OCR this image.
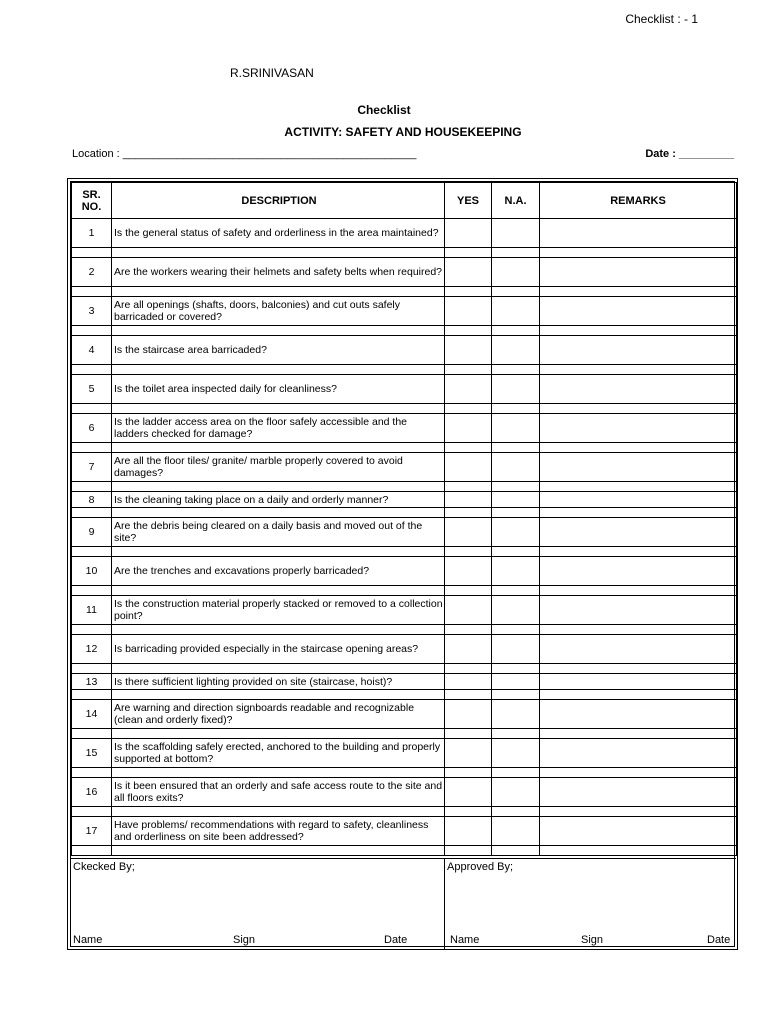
Checklist : - 1
R.SRINIVASAN
Checklist
ACTIVITY: SAFETY AND HOUSEKEEPING
Location : ________________________________________________	Date : _________
SR. NO.	DESCRIPTION	YES	N.A.	REMARKS
1	Is the general status of safety and orderliness in the area maintained?			

2	Are the workers wearing their helmets and safety belts when required?			

3	Are all openings (shafts, doors, balconies) and cut outs safely barricaded or covered?			

4	Is the staircase area barricaded?			

5	Is the toilet area inspected daily for cleanliness?			

6	Is the ladder access area on the floor safely accessible and the ladders checked for damage?			

7	Are all the floor tiles/ granite/ marble properly covered to avoid damages?			

8	Is the cleaning taking place on a daily and orderly manner?			

9	Are the debris being cleared on a daily basis and moved out of the site?			

10	Are the trenches and excavations properly barricaded?			

11	Is the construction material properly stacked or removed to a collection point?			

12	Is barricading provided especially in the staircase opening areas?			

13	Is there sufficient lighting provided on site (staircase, hoist)?			

14	Are warning and direction signboards readable and recognizable (clean and orderly fixed)?			

15	Is the scaffolding safely erected, anchored to the building and properly supported at bottom?			

16	Is it been ensured that an orderly and safe access route to the site and all floors exits?			

17	Have problems/ recommendations with regard to safety, cleanliness and orderliness on site been addressed?			

Ckecked By;
Name	Sign	Date
Approved By;
Name	Sign	Date
